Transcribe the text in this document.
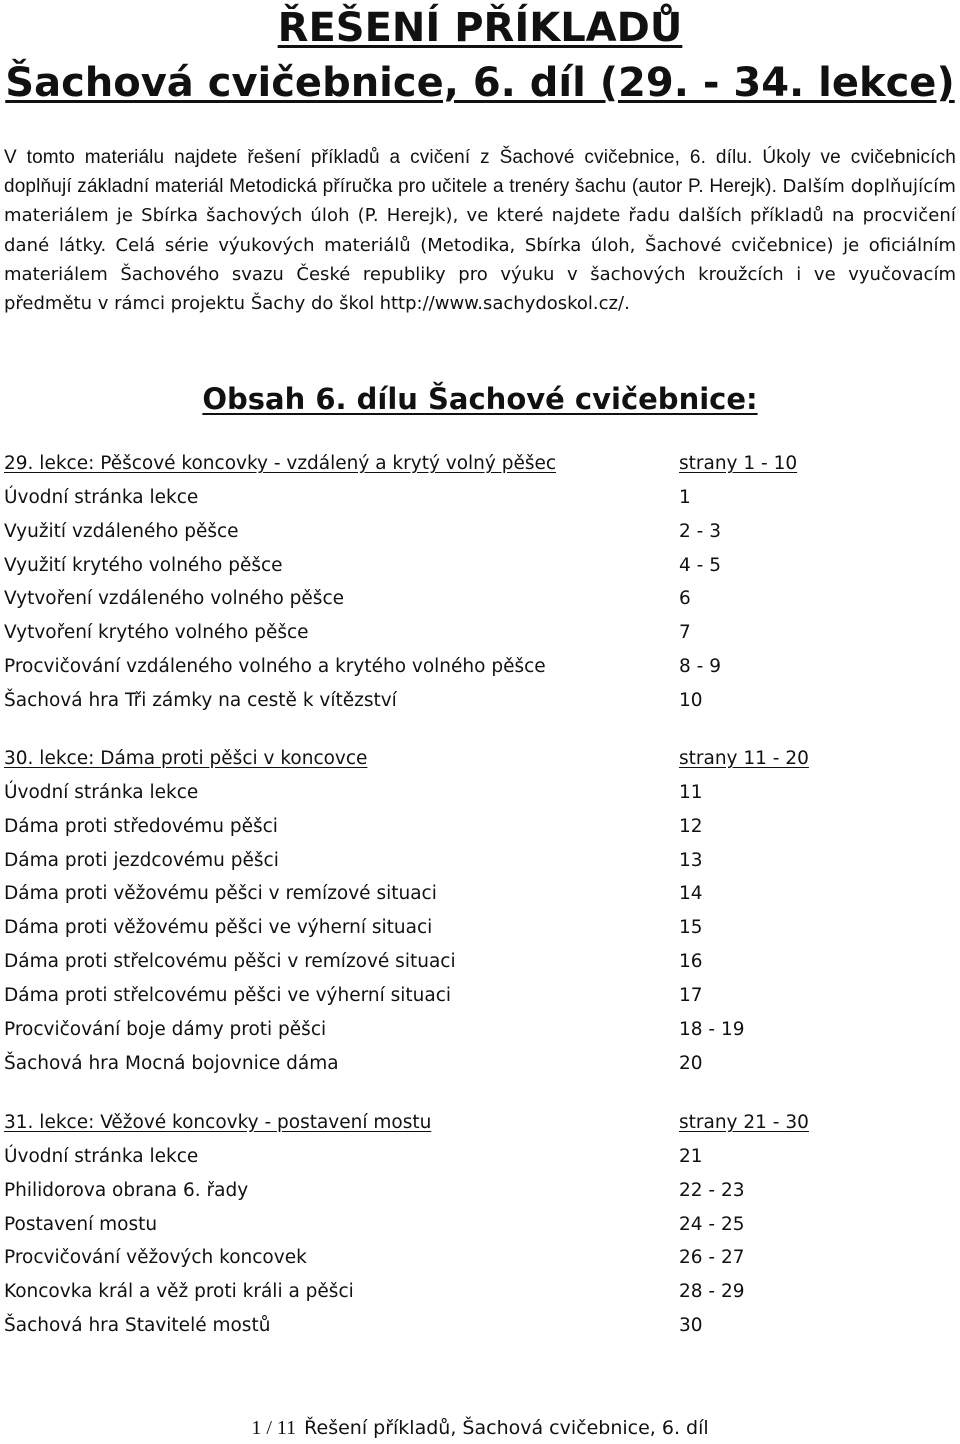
ŘEŠENÍ PŘÍKLADŮ
Šachová cvičebnice, 6. díl (29. - 34. lekce)

V tomto materiálu najdete řešení příkladů a cvičení z Šachové cvičebnice, 6. dílu. Úkoly ve cvičebnicích doplňují základní materiál Metodická příručka pro učitele a trenéry šachu (autor P. Herejk). Dalším doplňujícím materiálem je Sbírka šachových úloh (P. Herejk), ve které najdete řadu dalších příkladů na procvičení dané látky. Celá série výukových materiálů (Metodika, Sbírka úloh, Šachové cvičebnice) je oficiálním materiálem Šachového svazu České republiky pro výuku v šachových kroužcích i ve vyučovacím předmětu v rámci projektu Šachy do škol http://www.sachydoskol.cz/.

Obsah 6. dílu Šachové cvičebnice:
29. lekce: Pěšcové koncovky - vzdálený a krytý volný pěšec	strany 1 - 10
Úvodní stránka lekce	1
Využití vzdáleného pěšce	2 - 3
Využití krytého volného pěšce	4 - 5
Vytvoření vzdáleného volného pěšce	6
Vytvoření krytého volného pěšce	7
Procvičování vzdáleného volného a krytého volného pěšce	8 - 9
Šachová hra Tři zámky na cestě k vítězství	10
30. lekce: Dáma proti pěšci v koncovce	strany 11 - 20
Úvodní stránka lekce	11
Dáma proti středovému pěšci	12
Dáma proti jezdcovému pěšci	13
Dáma proti věžovému pěšci v remízové situaci	14
Dáma proti věžovému pěšci ve výherní situaci	15
Dáma proti střelcovému pěšci v remízové situaci	16
Dáma proti střelcovému pěšci ve výherní situaci	17
Procvičování boje dámy proti pěšci	18 - 19
Šachová hra Mocná bojovnice dáma	20
31. lekce: Věžové koncovky - postavení mostu	strany 21 - 30
Úvodní stránka lekce	21
Philidorova obrana 6. řady	22 - 23
Postavení mostu	24 - 25
Procvičování věžových koncovek	26 - 27
Koncovka král a věž proti králi a pěšci	28 - 29
Šachová hra Stavitelé mostů	30
1 / 11 Řešení příkladů, Šachová cvičebnice, 6. díl
